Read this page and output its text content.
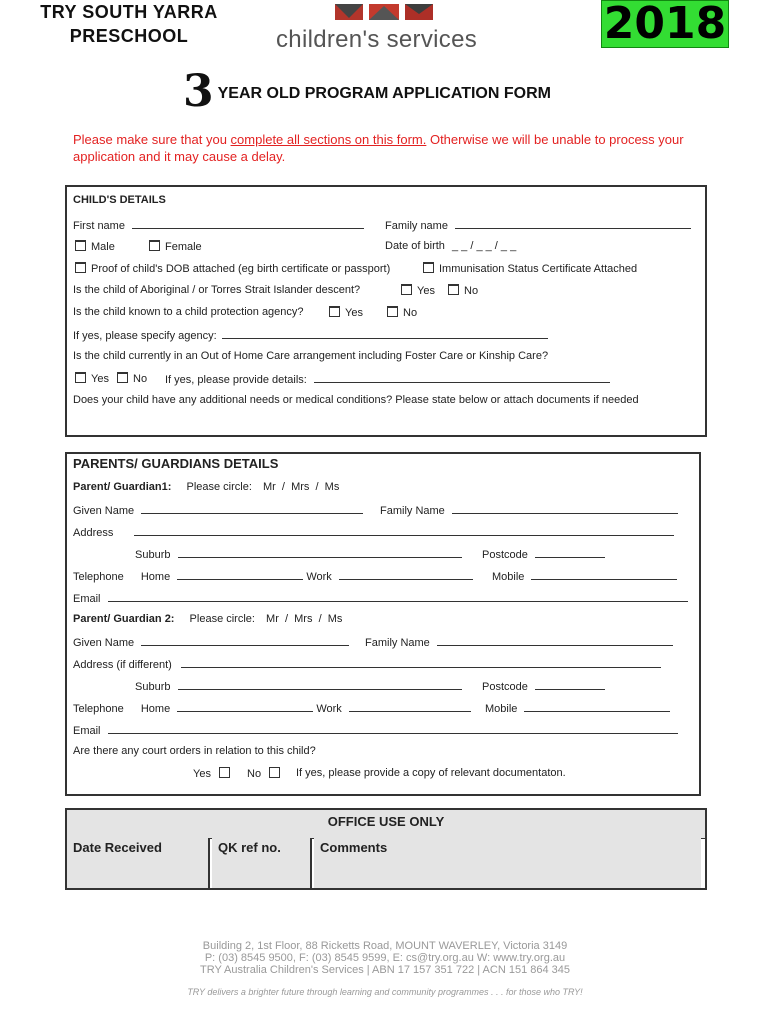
TRY SOUTH YARRA
PRESCHOOL	children's services	2018
3 YEAR OLD PROGRAM APPLICATION FORM
Please make sure that you complete all sections on this form. Otherwise we will be unable to process your application and it may cause a delay.
CHILD'S DETAILS
First name	Family name
Male	Female	Date of birth _ _ / _ _ / _ _
Proof of child's DOB attached (eg birth certificate or passport)	Immunisation Status Certificate Attached
Is the child of Aboriginal / or Torres Strait Islander descent?	Yes	No
Is the child known to a child protection agency?	Yes	No
If yes, please specify agency:
Is the child currently in an Out of Home Care arrangement including Foster Care or Kinship Care?
Yes	No If yes, please provide details:
Does your child have any additional needs or medical conditions? Please state below or attach documents if needed
PARENTS/ GUARDIANS DETAILS
Parent/ Guardian1: Please circle: Mr  /  Mrs  /  Ms
Given Name	Family Name
Address
Suburb	Postcode
Telephone Home	Work	Mobile
Email
Parent/ Guardian 2: Please circle: Mr  /  Mrs  /  Ms
Given Name	Family Name
Address (if different)
Suburb	Postcode
Telephone Home	Work	Mobile
Email
Are there any court orders in relation to this child?
Yes	No	If yes, please provide a copy of relevant documentaton.
OFFICE USE ONLY
Date Received	QK ref no.	Comments
Building 2, 1st Floor, 88 Ricketts Road, MOUNT WAVERLEY, Victoria 3149
P: (03) 8545 9500, F: (03) 8545 9599, E: cs@try.org.au W: www.try.org.au
TRY Australia Children's Services | ABN 17 157 351 722 | ACN 151 864 345
TRY delivers a brighter future through learning and community programmes . . . for those who TRY!
